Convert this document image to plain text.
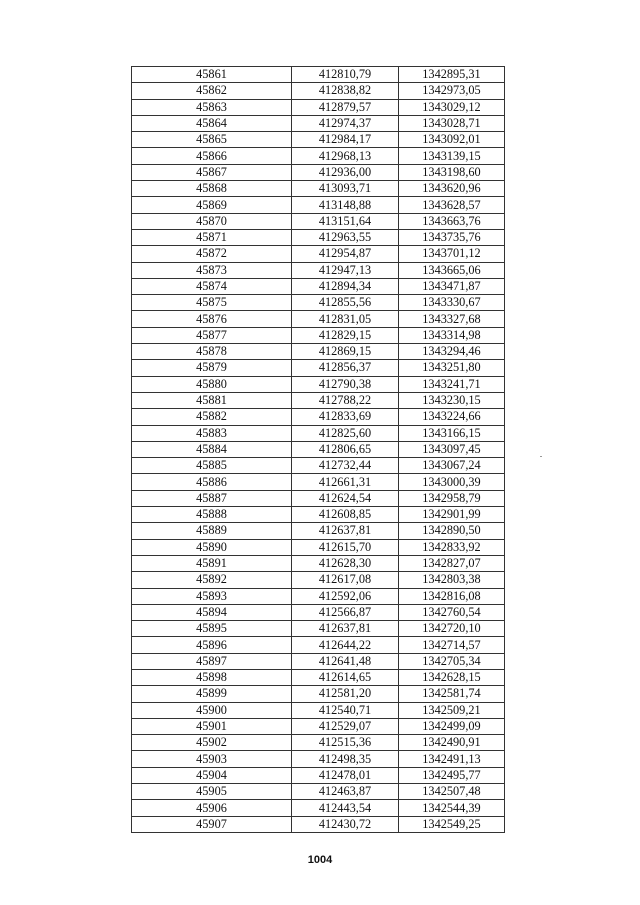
45861	412810,79	1342895,31
45862	412838,82	1342973,05
45863	412879,57	1343029,12
45864	412974,37	1343028,71
45865	412984,17	1343092,01
45866	412968,13	1343139,15
45867	412936,00	1343198,60
45868	413093,71	1343620,96
45869	413148,88	1343628,57
45870	413151,64	1343663,76
45871	412963,55	1343735,76
45872	412954,87	1343701,12
45873	412947,13	1343665,06
45874	412894,34	1343471,87
45875	412855,56	1343330,67
45876	412831,05	1343327,68
45877	412829,15	1343314,98
45878	412869,15	1343294,46
45879	412856,37	1343251,80
45880	412790,38	1343241,71
45881	412788,22	1343230,15
45882	412833,69	1343224,66
45883	412825,60	1343166,15
45884	412806,65	1343097,45
45885	412732,44	1343067,24
45886	412661,31	1343000,39
45887	412624,54	1342958,79
45888	412608,85	1342901,99
45889	412637,81	1342890,50
45890	412615,70	1342833,92
45891	412628,30	1342827,07
45892	412617,08	1342803,38
45893	412592,06	1342816,08
45894	412566,87	1342760,54
45895	412637,81	1342720,10
45896	412644,22	1342714,57
45897	412641,48	1342705,34
45898	412614,65	1342628,15
45899	412581,20	1342581,74
45900	412540,71	1342509,21
45901	412529,07	1342499,09
45902	412515,36	1342490,91
45903	412498,35	1342491,13
45904	412478,01	1342495,77
45905	412463,87	1342507,48
45906	412443,54	1342544,39
45907	412430,72	1342549,25
1004
